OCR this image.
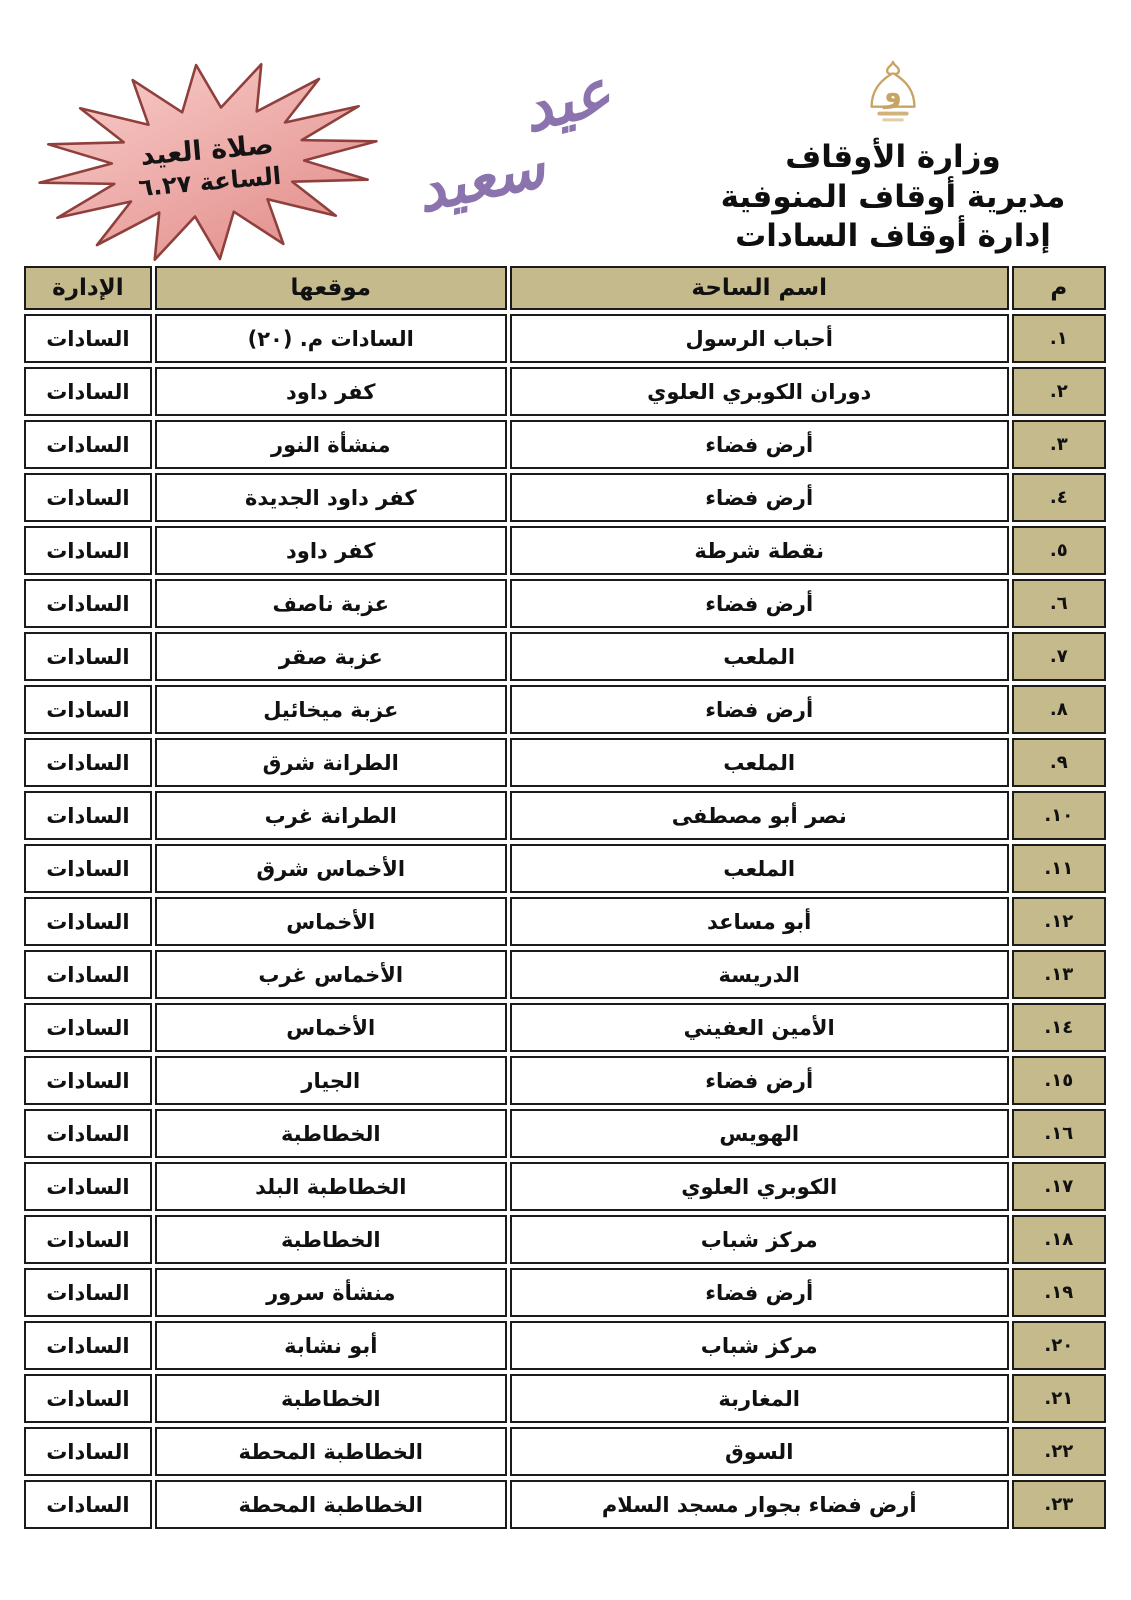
صلاة العيد
الساعة ٦.٢٧
عيد
سعيد
و
وزارة الأوقاف
مديرية أوقاف المنوفية
إدارة أوقاف السادات
م	اسم الساحة	موقعها	الإدارة
١.	أحباب الرسول	السادات م. (٢٠)	السادات
٢.	دوران الكوبري العلوي	كفر داود	السادات
٣.	أرض فضاء	منشأة النور	السادات
٤.	أرض فضاء	كفر داود الجديدة	السادات
٥.	نقطة شرطة	كفر داود	السادات
٦.	أرض فضاء	عزبة ناصف	السادات
٧.	الملعب	عزبة صقر	السادات
٨.	أرض فضاء	عزبة ميخائيل	السادات
٩.	الملعب	الطرانة شرق	السادات
١٠.	نصر أبو مصطفى	الطرانة غرب	السادات
١١.	الملعب	الأخماس شرق	السادات
١٢.	أبو مساعد	الأخماس	السادات
١٣.	الدريسة	الأخماس غرب	السادات
١٤.	الأمين العفيني	الأخماس	السادات
١٥.	أرض فضاء	الجيار	السادات
١٦.	الهويس	الخطاطبة	السادات
١٧.	الكوبري العلوي	الخطاطبة البلد	السادات
١٨.	مركز شباب	الخطاطبة	السادات
١٩.	أرض فضاء	منشأة سرور	السادات
٢٠.	مركز شباب	أبو نشابة	السادات
٢١.	المغاربة	الخطاطبة	السادات
٢٢.	السوق	الخطاطبة المحطة	السادات
٢٣.	أرض فضاء بجوار مسجد السلام	الخطاطبة المحطة	السادات
